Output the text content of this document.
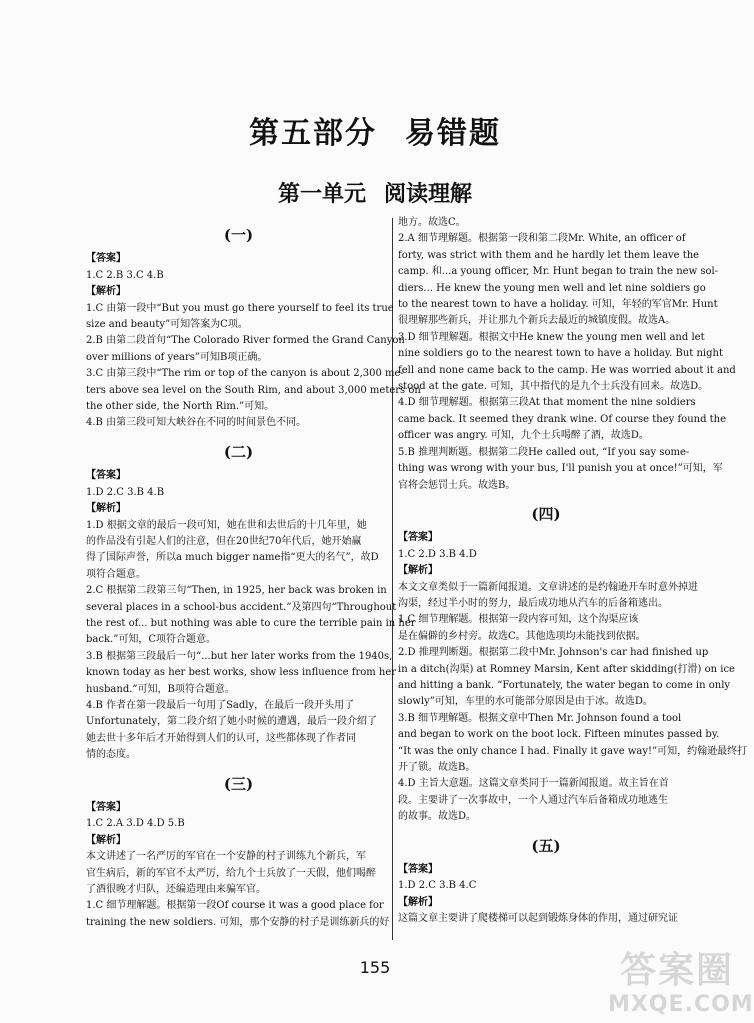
第五部分 易错题
第一单元 阅读理解
(一)
【答案】
1.C 2.B 3.C 4.B
【解析】
1.C 由第一段中“But you must go there yourself to feel its true
size and beauty”可知答案为C项。
2.B 由第二段首句“The Colorado River formed the Grand Canyon
over millions of years”可知B项正确。
3.C 由第三段中“The rim or top of the canyon is about 2,300 me-
ters above sea level on the South Rim, and about 3,000 meters on
the other side, the North Rim.”可知。
4.B 由第三段可知大峡谷在不同的时间景色不同。
(二)
【答案】
1.D 2.C 3.B 4.B
【解析】
1.D 根据文章的最后一段可知，她在世和去世后的十几年里，她
的作品没有引起人们的注意，但在20世纪70年代后，她开始赢
得了国际声誉，所以a much bigger name指“更大的名气”，故D
项符合题意。
2.C 根据第二段第三句“Then, in 1925, her back was broken in
several places in a school-bus accident.”及第四句“Throughout
the rest of... but nothing was able to cure the terrible pain in her
back.”可知，C项符合题意。
3.B 根据第三段最后一句“...but her later works from the 1940s,
known today as her best works, show less influence from her
husband.”可知，B项符合题意。
4.B 作者在第一段最后一句用了Sadly，在最后一段开头用了
Unfortunately，第二段介绍了她小时候的遭遇，最后一段介绍了
她去世十多年后才开始得到人们的认可，这些都体现了作者同
情的态度。
(三)
【答案】
1.C 2.A 3.D 4.D 5.B
【解析】
本文讲述了一名严厉的军官在一个安静的村子训练九个新兵，军
官生病后，新的军官不太严厉，给九个士兵放了一天假，他们喝醉
了酒很晚才归队，还编造理由来骗军官。
1.C 细节理解题。根据第一段Of course it was a good place for
training the new soldiers. 可知，那个安静的村子是训练新兵的好
地方。故选C。
2.A 细节理解题。根据第一段和第二段Mr. White, an officer of
forty, was strict with them and he hardly let them leave the
camp. 和...a young officer, Mr. Hunt began to train the new sol-
diers... He knew the young men well and let nine soldiers go
to the nearest town to have a holiday. 可知，年轻的军官Mr. Hunt
很理解那些新兵，并让那九个新兵去最近的城镇度假。故选A。
3.D 细节理解题。根据文中He knew the young men well and let
nine soldiers go to the nearest town to have a holiday. But night
fell and none came back to the camp. He was worried about it and
stood at the gate. 可知，其中指代的是九个士兵没有回来。故选D。
4.D 细节理解题。根据第三段At that moment the nine soldiers
came back. It seemed they drank wine. Of course they found the
officer was angry. 可知，九个士兵喝醉了酒，故选D。
5.B 推理判断题。根据第二段He called out, “If you say some-
thing was wrong with your bus, I'll punish you at once!”可知，军
官将会惩罚士兵。故选B。
(四)
【答案】
1.C 2.D 3.B 4.D
【解析】
本文文章类似于一篇新闻报道。文章讲述的是约翰逊开车时意外掉进
沟渠，经过半小时的努力，最后成功地从汽车的后备箱逃出。
1.C 细节理解题。根据第一段内容可知，这个沟渠应该
是在偏僻的乡村旁。故选C。其他选项均未能找到依据。
2.D 推理判断题。根据第二段中Mr. Johnson's car had finished up
in a ditch(沟渠) at Romney Marsin, Kent after skidding(打滑) on ice
and hitting a bank. “Fortunately, the water began to come in only
slowly”可知，车里的水可能部分原因是由于冰。故选D。
3.B 细节理解题。根据文章中Then Mr. Johnson found a tool
and began to work on the boot lock. Fifteen minutes passed by.
“It was the only chance I had. Finally it gave way!”可知，约翰逊最终打
开了锁。故选B。
4.D 主旨大意题。这篇文章类同于一篇新闻报道。故主旨在首
段。主要讲了一次事故中，一个人通过汽车后备箱成功地逃生
的故事。故选D。
(五)
【答案】
1.D 2.C 3.B 4.C
【解析】
这篇文章主要讲了爬楼梯可以起到锻炼身体的作用，通过研究证
155	答案圈
MXQE.COM
